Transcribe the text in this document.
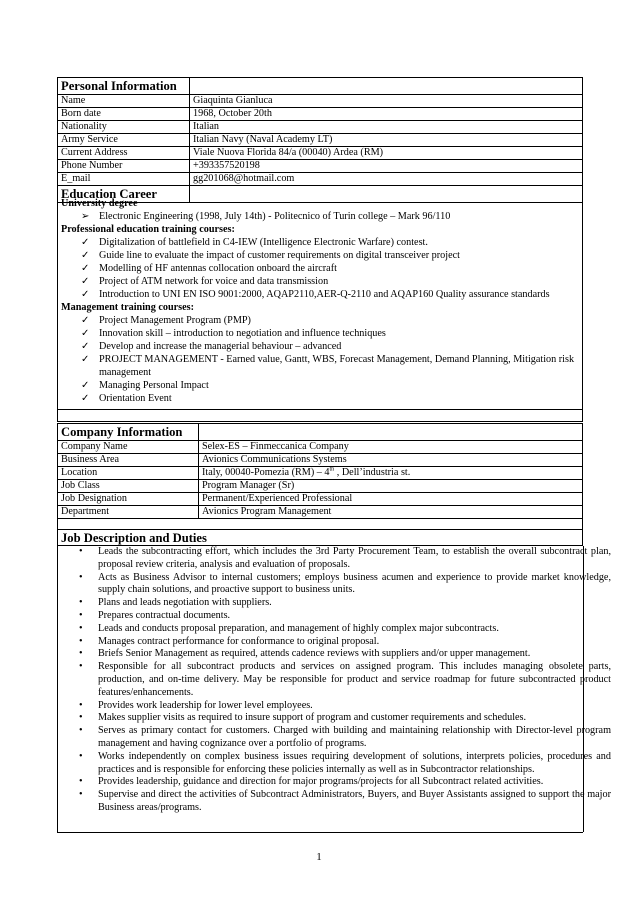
Personal Information	
Name	Giaquinta Gianluca
Born date	1968, October 20th
Nationality	Italian
Army Service	Italian Navy (Naval Academy LT)
Current Address	Viale Nuova Florida 84/a (00040) Ardea (RM)
Phone Number	+393357520198
E_mail	gg201068@hotmail.com
Education Career	
University degree
➢ Electronic Engineering (1998, July 14th) - Politecnico of Turin college – Mark 96/110
Professional education training courses:
✓ Digitalization of battlefield in C4-IEW (Intelligence Electronic Warfare) contest.
✓ Guide line to evaluate the impact of customer requirements on digital transceiver project
✓ Modelling of HF antennas collocation onboard the aircraft
✓ Project of ATM network for voice and data transmission
✓ Introduction to UNI EN ISO 9001:2000, AQAP2110,AER-Q-2110 and AQAP160 Quality assurance standards
Management training courses:
✓ Project Management Program (PMP)
✓ Innovation skill – introduction to negotiation and influence techniques
✓ Develop and increase the managerial behaviour – advanced
✓ PROJECT MANAGEMENT - Earned value, Gantt, WBS, Forecast Management, Demand Planning, Mitigation risk management
✓ Managing Personal Impact
✓ Orientation Event
Company Information	
Company Name	Selex-ES – Finmeccanica Company
Business Area	Avionics Communications Systems
Location	Italy, 00040-Pomezia (RM) – 4th , Dell’industria st.
Job Class	Program Manager (Sr)
Job Designation	Permanent/Experienced Professional
Department	Avionics Program Management
Job Description and Duties
• Leads the subcontracting effort, which includes the 3rd Party Procurement Team, to establish the overall subcontract plan, proposal review criteria, analysis and evaluation of proposals.
• Acts as Business Advisor to internal customers; employs business acumen and experience to provide market knowledge, supply chain solutions, and proactive support to business units.
• Plans and leads negotiation with suppliers.
• Prepares contractual documents.
• Leads and conducts proposal preparation, and management of highly complex major subcontracts.
• Manages contract performance for conformance to original proposal.
• Briefs Senior Management as required, attends cadence reviews with suppliers and/or upper management.
• Responsible for all subcontract products and services on assigned program. This includes managing obsolete parts, production, and on-time delivery. May be responsible for product and service roadmap for future subcontracted product features/enhancements.
• Provides work leadership for lower level employees.
• Makes supplier visits as required to insure support of program and customer requirements and schedules.
• Serves as primary contact for customers. Charged with building and maintaining relationship with Director-level program management and having cognizance over a portfolio of programs.
• Works independently on complex business issues requiring development of solutions, interprets policies, procedures and practices and is responsible for enforcing these policies internally as well as in Subcontractor relationships.
• Provides leadership, guidance and direction for major programs/projects for all Subcontract related activities.
• Supervise and direct the activities of Subcontract Administrators, Buyers, and Buyer Assistants assigned to support the major Business areas/programs.
1
